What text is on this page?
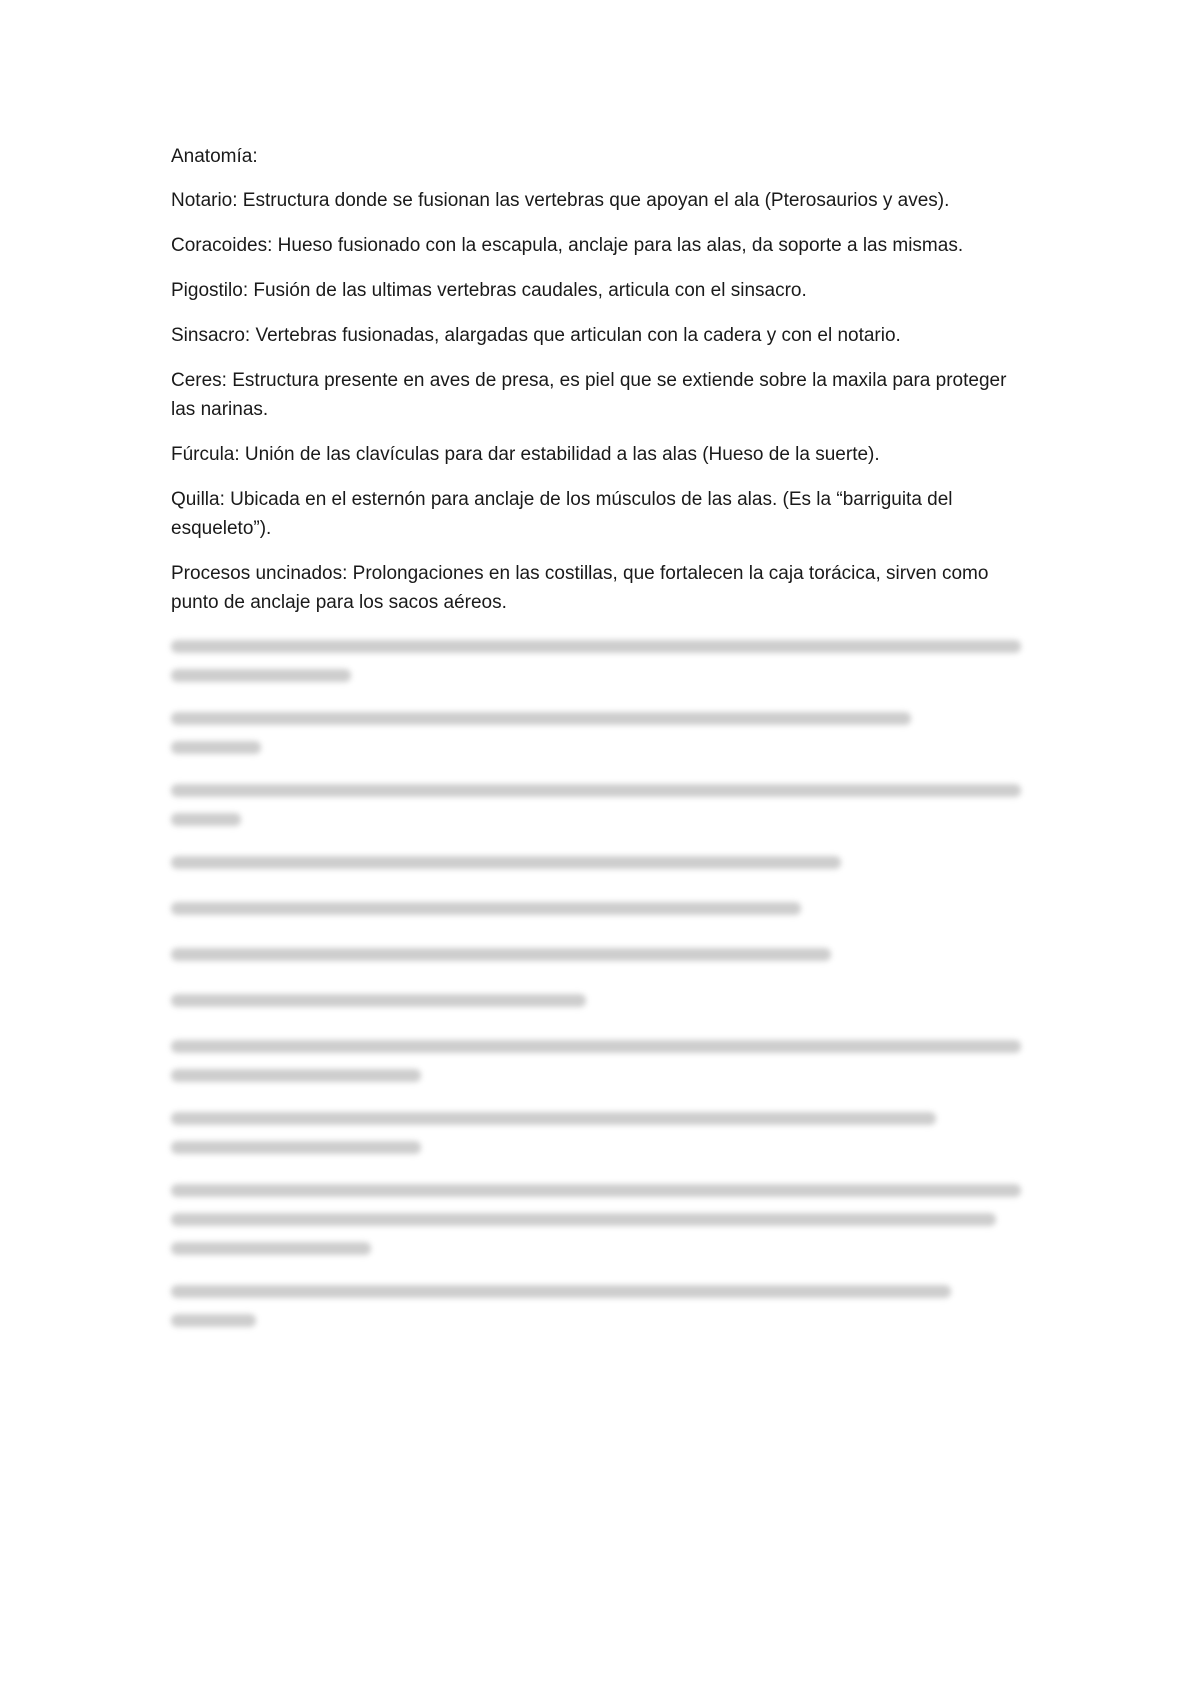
Anatomía:
Notario: Estructura donde se fusionan las vertebras que apoyan el ala (Pterosaurios y aves).
Coracoides: Hueso fusionado con la escapula, anclaje para las alas, da soporte a las mismas.
Pigostilo: Fusión de las ultimas vertebras caudales, articula con el sinsacro.
Sinsacro: Vertebras fusionadas, alargadas que articulan con la cadera y con el notario.
Ceres: Estructura presente en aves de presa, es piel que se extiende sobre la maxila para proteger las narinas.
Fúrcula: Unión de las clavículas para dar estabilidad a las alas (Hueso de la suerte).
Quilla: Ubicada en el esternón para anclaje de los músculos de las alas. (Es la “barriguita del esqueleto”).
Procesos uncinados: Prolongaciones en las costillas, que fortalecen la caja torácica, sirven como punto de anclaje para los sacos aéreos.
